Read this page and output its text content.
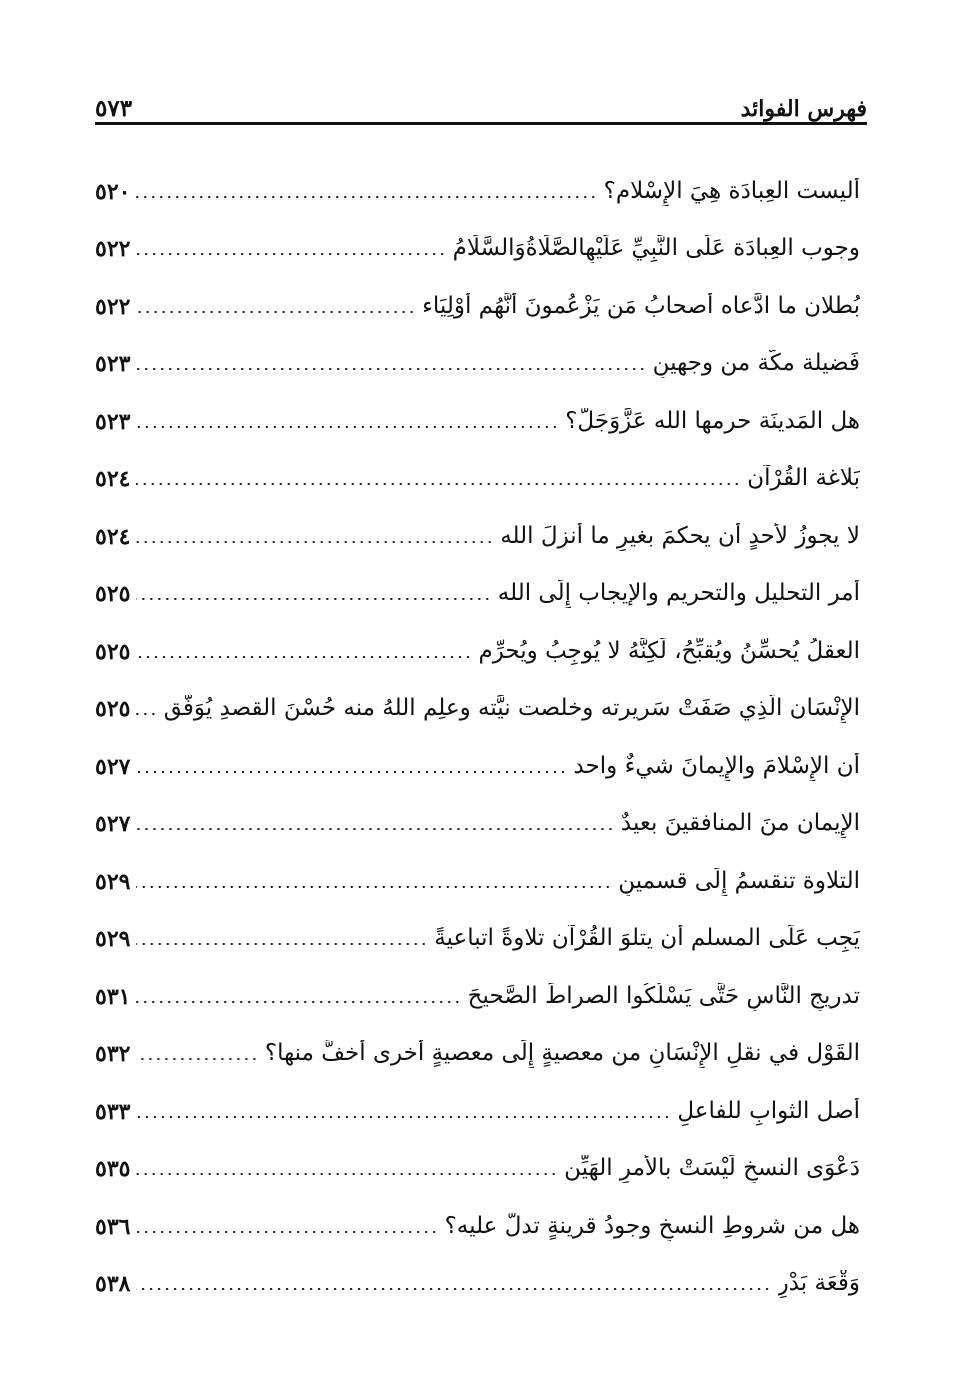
فهرس الفوائد
٥٧٣
أليست العِبادَة هِيَ الإِسْلام؟
٥٢٠
وجوب العِبادَة عَلَى النَّبِيِّ عَلَيْهِالصَّلَاةُوَالسَّلَامُ
٥٢٢
بُطلان ما ادَّعاه أصحابُ مَن يَزْعُمونَ أَنَّهُم أَوْلِيَاء
٥٢٢
فَضيلة مكَّة من وجهينِ
٥٢٣
هل المَدينَة حرمها الله عَزَّوَجَلَّ؟
٥٢٣
بَلاغة القُرْآن
٥٢٤
لا يجوزُ لأحدٍ أن يحكمَ بغيرِ ما أنزلَ الله
٥٢٤
أمر التحليل والتحريم والإيجاب إِلَى الله
٥٢٥
العقلُ يُحسِّنُ ويُقبِّحُ، لَكِنَّهُ لا يُوجِبُ ويُحرِّم
٥٢٥
الإِنْسَان الَّذِي صَفَتْ سَريرته وخلصت نيَّته وعلِم اللهُ منه حُسْنَ القصدِ يُوَفَّق
٥٢٥
أن الإِسْلامَ والإِيمانَ شيءٌ واحد
٥٢٧
الإِيمان منَ المنافقينَ بعيدٌ
٥٢٧
التلاوة تنقسمُ إِلَى قسمينِ
٥٢٩
يَجِب عَلَى المسلم أن يتلوَ القُرْآن تلاوةً اتباعيةً
٥٢٩
تدريجِ النَّاسِ حَتَّى يَسْلُكُوا الصراطَ الصَّحيحَ
٥٣١
القَوْل في نقلِ الإِنْسَانِ من معصيةٍ إِلَى معصيةٍ أُخرى أخفَّ منها؟
٥٣٢
أصل الثوابِ للفاعلِ
٥٣٣
دَعْوَى النسخِ لَيْسَتْ بالأَمرِ الهَيِّن
٥٣٥
هل من شروطِ النسخِ وجودُ قرينةٍ تدلُّ عليه؟
٥٣٦
وَقْعَة بَدْرٍ
٥٣٨
